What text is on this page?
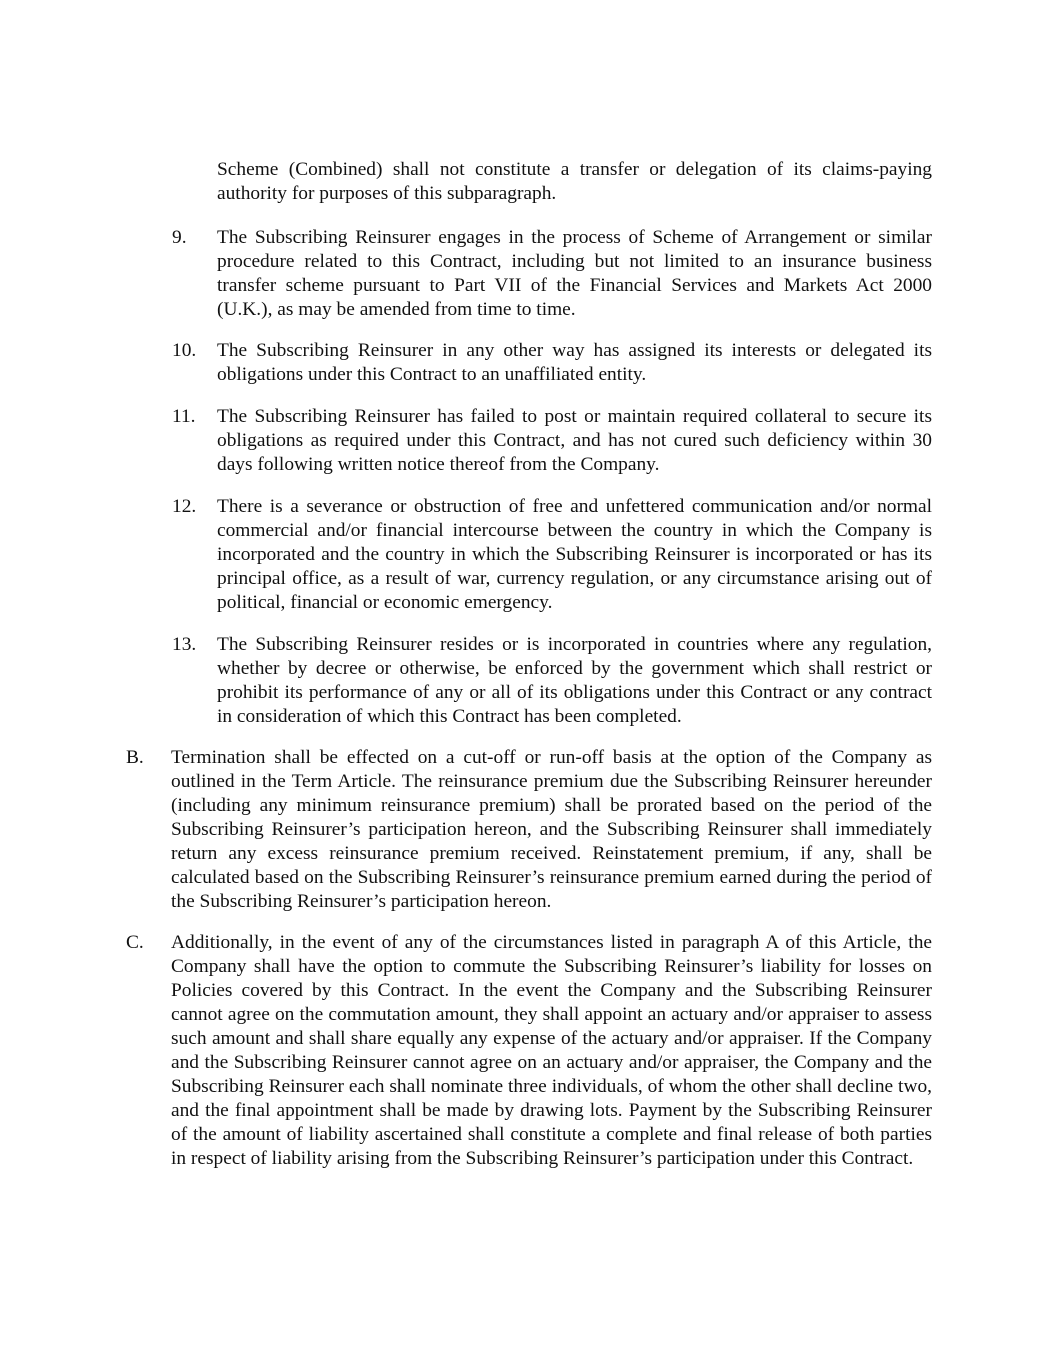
Scheme (Combined) shall not constitute a transfer or delegation of its claims-paying authority for purposes of this subparagraph.

9.	The Subscribing Reinsurer engages in the process of Scheme of Arrangement or similar procedure related to this Contract, including but not limited to an insurance business transfer scheme pursuant to Part VII of the Financial Services and Markets Act 2000 (U.K.), as may be amended from time to time.

10.	The Subscribing Reinsurer in any other way has assigned its interests or delegated its obligations under this Contract to an unaffiliated entity.

11.	The Subscribing Reinsurer has failed to post or maintain required collateral to secure its obligations as required under this Contract, and has not cured such deficiency within 30 days following written notice thereof from the Company.

12.	There is a severance or obstruction of free and unfettered communication and/or normal commercial and/or financial intercourse between the country in which the Company is incorporated and the country in which the Subscribing Reinsurer is incorporated or has its principal office, as a result of war, currency regulation, or any circumstance arising out of political, financial or economic emergency.

13.	The Subscribing Reinsurer resides or is incorporated in countries where any regulation, whether by decree or otherwise, be enforced by the government which shall restrict or prohibit its performance of any or all of its obligations under this Contract or any contract in consideration of which this Contract has been completed.

B.	Termination shall be effected on a cut-off or run-off basis at the option of the Company as outlined in the Term Article. The reinsurance premium due the Subscribing Reinsurer hereunder (including any minimum reinsurance premium) shall be prorated based on the period of the Subscribing Reinsurer’s participation hereon, and the Subscribing Reinsurer shall immediately return any excess reinsurance premium received. Reinstatement premium, if any, shall be calculated based on the Subscribing Reinsurer’s reinsurance premium earned during the period of the Subscribing Reinsurer’s participation hereon.

C.	Additionally, in the event of any of the circumstances listed in paragraph A of this Article, the Company shall have the option to commute the Subscribing Reinsurer’s liability for losses on Policies covered by this Contract. In the event the Company and the Subscribing Reinsurer cannot agree on the commutation amount, they shall appoint an actuary and/or appraiser to assess such amount and shall share equally any expense of the actuary and/or appraiser. If the Company and the Subscribing Reinsurer cannot agree on an actuary and/or appraiser, the Company and the Subscribing Reinsurer each shall nominate three individuals, of whom the other shall decline two, and the final appointment shall be made by drawing lots. Payment by the Subscribing Reinsurer of the amount of liability ascertained shall constitute a complete and final release of both parties in respect of liability arising from the Subscribing Reinsurer’s participation under this Contract.
